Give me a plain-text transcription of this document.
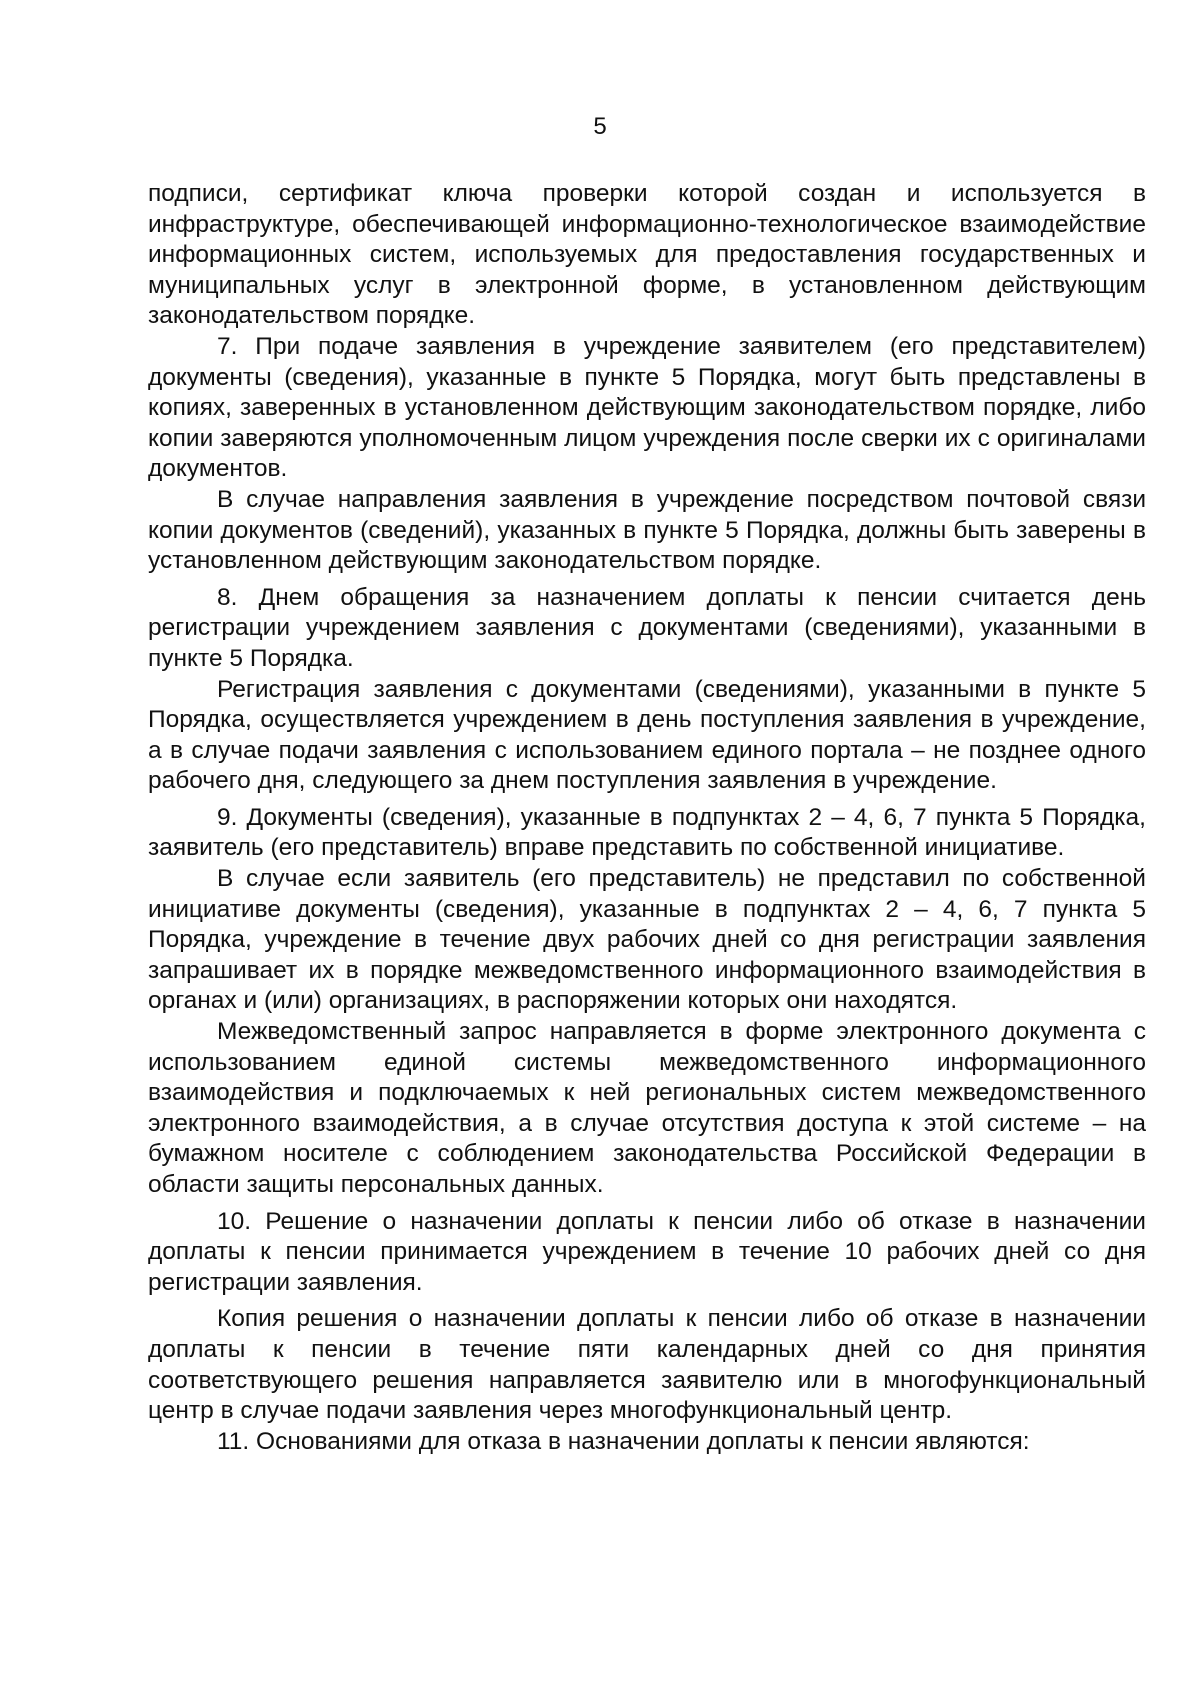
5

подписи, сертификат ключа проверки которой создан и используется в инфраструктуре, обеспечивающей информационно-технологическое взаимодействие информационных систем, используемых для предоставления государственных и муниципальных услуг в электронной форме, в установленном действующим законодательством порядке.

7. При подаче заявления в учреждение заявителем (его представителем) документы (сведения), указанные в пункте 5 Порядка, могут быть представлены в копиях, заверенных в установленном действующим законодательством порядке, либо копии заверяются уполномоченным лицом учреждения после сверки их с оригиналами документов.

В случае направления заявления в учреждение посредством почтовой связи копии документов (сведений), указанных в пункте 5 Порядка, должны быть заверены в установленном действующим законодательством порядке.

8. Днем обращения за назначением доплаты к пенсии считается день регистрации учреждением заявления с документами (сведениями), указанными в пункте 5 Порядка.

Регистрация заявления с документами (сведениями), указанными в пункте 5 Порядка, осуществляется учреждением в день поступления заявления в учреждение, а в случае подачи заявления с использованием единого портала – не позднее одного рабочего дня, следующего за днем поступления заявления в учреждение.

9. Документы (сведения), указанные в подпунктах 2 – 4, 6, 7 пункта 5 Порядка, заявитель (его представитель) вправе представить по собственной инициативе.

В случае если заявитель (его представитель) не представил по собственной инициативе документы (сведения), указанные в подпунктах 2 – 4, 6, 7 пункта 5 Порядка, учреждение в течение двух рабочих дней со дня регистрации заявления запрашивает их в порядке межведомственного информационного взаимодействия в органах и (или) организациях, в распоряжении которых они находятся.

Межведомственный запрос направляется в форме электронного документа с использованием единой системы межведомственного информационного взаимодействия и подключаемых к ней региональных систем межведомственного электронного взаимодействия, а в случае отсутствия доступа к этой системе – на бумажном носителе с соблюдением законодательства Российской Федерации в области защиты персональных данных.

10. Решение о назначении доплаты к пенсии либо об отказе в назначении доплаты к пенсии принимается учреждением в течение 10 рабочих дней со дня регистрации заявления.

Копия решения о назначении доплаты к пенсии либо об отказе в назначении доплаты к пенсии в течение пяти календарных дней со дня принятия соответствующего решения направляется заявителю или в многофункциональный центр в случае подачи заявления через многофункциональный центр.

11. Основаниями для отказа в назначении доплаты к пенсии являются:
